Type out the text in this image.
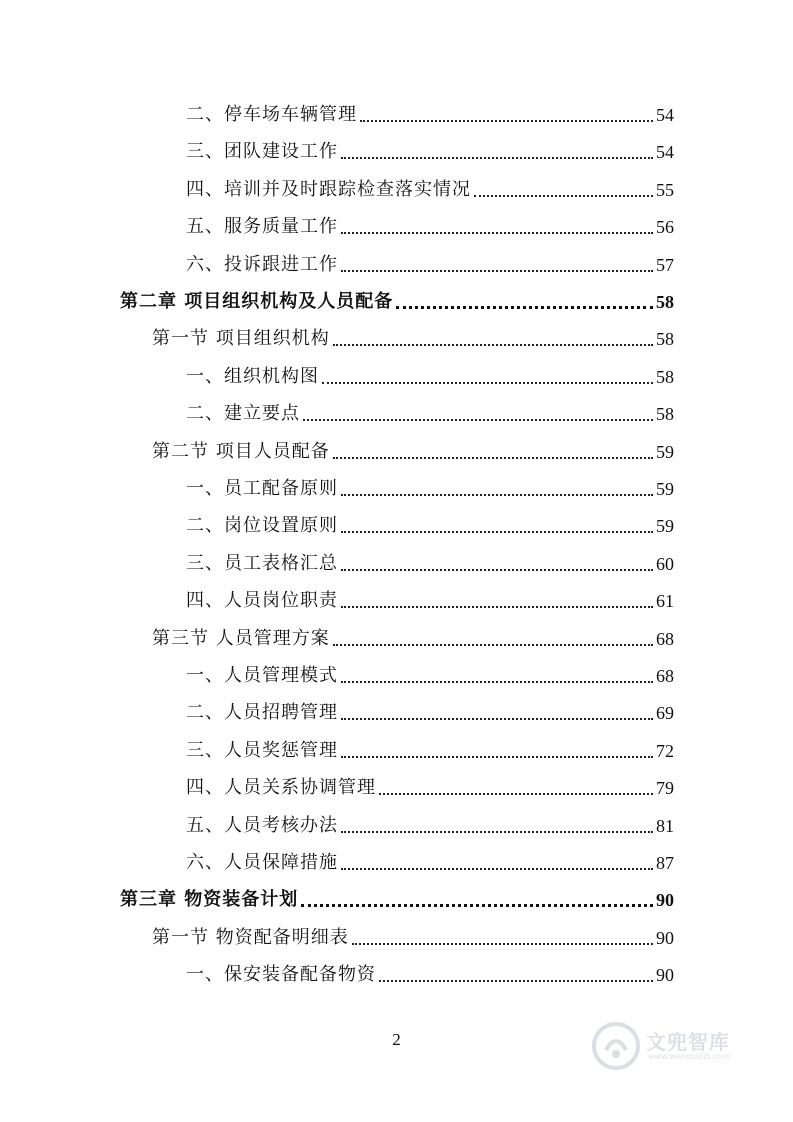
二、停车场车辆管理	54
三、团队建设工作	54
四、培训并及时跟踪检查落实情况	55
五、服务质量工作	56
六、投诉跟进工作	57
第二章 项目组织机构及人员配备	58
第一节 项目组织机构	58
一、组织机构图	58
二、建立要点	58
第二节 项目人员配备	59
一、员工配备原则	59
二、岗位设置原则	59
三、员工表格汇总	60
四、人员岗位职责	61
第三节 人员管理方案	68
一、人员管理模式	68
二、人员招聘管理	69
三、人员奖惩管理	72
四、人员关系协调管理	79
五、人员考核办法	81
六、人员保障措施	87
第三章 物资装备计划	90
第一节 物资配备明细表	90
一、保安装备配备物资	90
2	文兜智库
www.wendoulib.com
